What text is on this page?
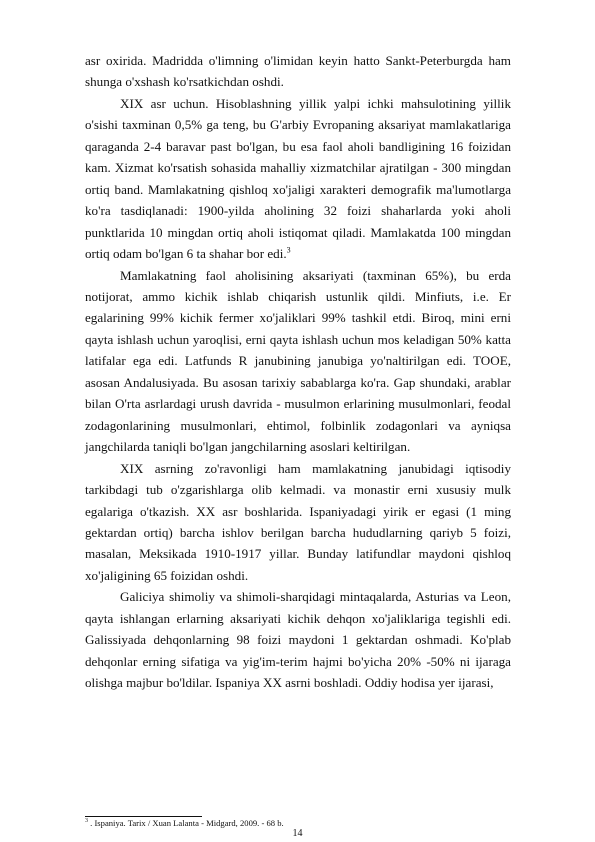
asr oxirida. Madridda o'limning o'limidan keyin hatto Sankt-Peterburgda ham shunga o'xshash ko'rsatkichdan oshdi.

XIX asr uchun. Hisoblashning yillik yalpi ichki mahsulotining yillik o'sishi taxminan 0,5% ga teng, bu G'arbiy Evropaning aksariyat mamlakatlariga qaraganda 2-4 baravar past bo'lgan, bu esa faol aholi bandligining 16 foizidan kam. Xizmat ko'rsatish sohasida mahalliy xizmatchilar ajratilgan - 300 mingdan ortiq band. Mamlakatning qishloq xo'jaligi xarakteri demografik ma'lumotlarga ko'ra tasdiqlanadi: 1900-yilda aholining 32 foizi shaharlarda yoki aholi punktlarida 10 mingdan ortiq aholi istiqomat qiladi. Mamlakatda 100 mingdan ortiq odam bo'lgan 6 ta shahar bor edi.$^3$

Mamlakatning faol aholisining aksariyati (taxminan 65%), bu erda notijorat, ammo kichik ishlab chiqarish ustunlik qildi. Minfiuts, i.e. Er egalarining 99% kichik fermer xo'jaliklari 99% tashkil etdi. Biroq, mini erni qayta ishlash uchun yaroqlisi, erni qayta ishlash uchun mos keladigan 50% katta latifalar ega edi. Latfunds R janubining janubiga yo'naltirilgan edi. TOOE, asosan Andalusiyada. Bu asosan tarixiy sabablarga ko'ra. Gap shundaki, arablar bilan O'rta asrlardagi urush davrida - musulmon erlarining musulmonlari, feodal zodagonlarining musulmonlari, ehtimol, folbinlik zodagonlari va ayniqsa jangchilarda taniqli bo'lgan jangchilarning asoslari keltirilgan.

XIX asrning zo'ravonligi ham mamlakatning janubidagi iqtisodiy tarkibdagi tub o'zgarishlarga olib kelmadi. va monastir erni xususiy mulk egalariga o'tkazish. XX asr boshlarida. Ispaniyadagi yirik er egasi (1 ming gektardan ortiq) barcha ishlov berilgan barcha hududlarning qariyb 5 foizi, masalan, Meksikada 1910-1917 yillar. Bunday latifundlar maydoni qishloq xo'jaligining 65 foizidan oshdi.

Galiciya shimoliy va shimoli-sharqidagi mintaqalarda, Asturias va Leon, qayta ishlangan erlarning aksariyati kichik dehqon xo'jaliklariga tegishli edi. Galissiyada dehqonlarning 98 foizi maydoni 1 gektardan oshmadi. Ko'plab dehqonlar erning sifatiga va yig'im-terim hajmi bo'yicha 20% -50% ni ijaraga olishga majbur bo'ldilar. Ispaniya XX asrni boshladi. Oddiy hodisa yer ijarasi,

$^3$ . Ispaniya. Tarix / Xuan Lalanta - Midgard, 2009. - 68 b.
14
